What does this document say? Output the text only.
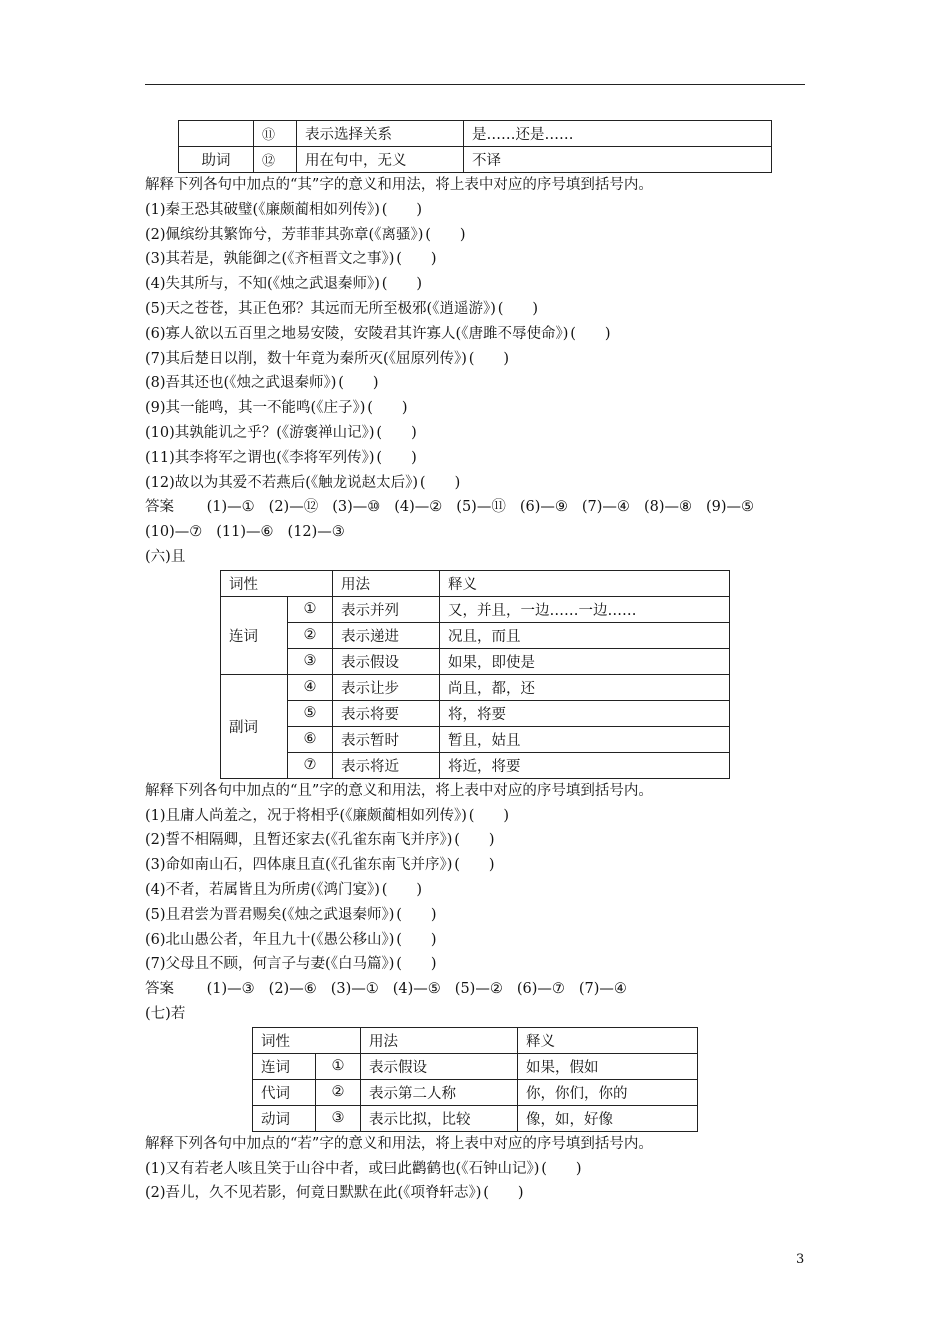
	⑪	表示选择关系	是……还是……
助词	⑫	用在句中，无义	不译
解释下列各句中加点的“其”字的意义和用法，将上表中对应的序号填到括号内。
(1)秦王恐其破璧(《廉颇蔺相如列传》) (　　)
(2)佩缤纷其繁饰兮，芳菲菲其弥章(《离骚》) (　　)
(3)其若是，孰能御之(《齐桓晋文之事》) (　　)
(4)失其所与，不知(《烛之武退秦师》) (　　)
(5)天之苍苍，其正色邪？其远而无所至极邪(《逍遥游》) (　　)
(6)寡人欲以五百里之地易安陵，安陵君其许寡人(《唐雎不辱使命》) (　　)
(7)其后楚日以削，数十年竟为秦所灭(《屈原列传》) (　　)
(8)吾其还也(《烛之武退秦师》) (　　)
(9)其一能鸣，其一不能鸣(《庄子》) (　　)
(10)其孰能讥之乎？(《游褒禅山记》) (　　)
(11)其李将军之谓也(《李将军列传》) (　　)
(12)故以为其爱不若燕后(《触龙说赵太后》) (　　)
答案 (1)—① (2)—⑫ (3)—⑩ (4)—② (5)—⑪ (6)—⑨ (7)—④ (8)—⑧ (9)—⑤
(10)—⑦ (11)—⑥ (12)—③
(六)且
词性		用法	释义
连词	①	表示并列	又，并且，一边……一边……
	②	表示递进	况且，而且
	③	表示假设	如果，即使是
副词	④	表示让步	尚且，都，还
	⑤	表示将要	将，将要
	⑥	表示暂时	暂且，姑且
	⑦	表示将近	将近，将要
解释下列各句中加点的“且”字的意义和用法，将上表中对应的序号填到括号内。
(1)且庸人尚羞之，况于将相乎(《廉颇蔺相如列传》) (　　)
(2)誓不相隔卿，且暂还家去(《孔雀东南飞并序》) (　　)
(3)命如南山石，四体康且直(《孔雀东南飞并序》) (　　)
(4)不者，若属皆且为所虏(《鸿门宴》) (　　)
(5)且君尝为晋君赐矣(《烛之武退秦师》) (　　)
(6)北山愚公者，年且九十(《愚公移山》) (　　)
(7)父母且不顾，何言子与妻(《白马篇》) (　　)
答案 (1)—③ (2)—⑥ (3)—① (4)—⑤ (5)—② (6)—⑦ (7)—④
(七)若
词性		用法	释义
连词	①	表示假设	如果，假如
代词	②	表示第二人称	你，你们，你的
动词	③	表示比拟，比较	像，如，好像
解释下列各句中加点的“若”字的意义和用法，将上表中对应的序号填到括号内。
(1)又有若老人咳且笑于山谷中者，或曰此鹳鹤也(《石钟山记》) (　　)
(2)吾儿，久不见若影，何竟日默默在此(《项脊轩志》) (　　)
3
